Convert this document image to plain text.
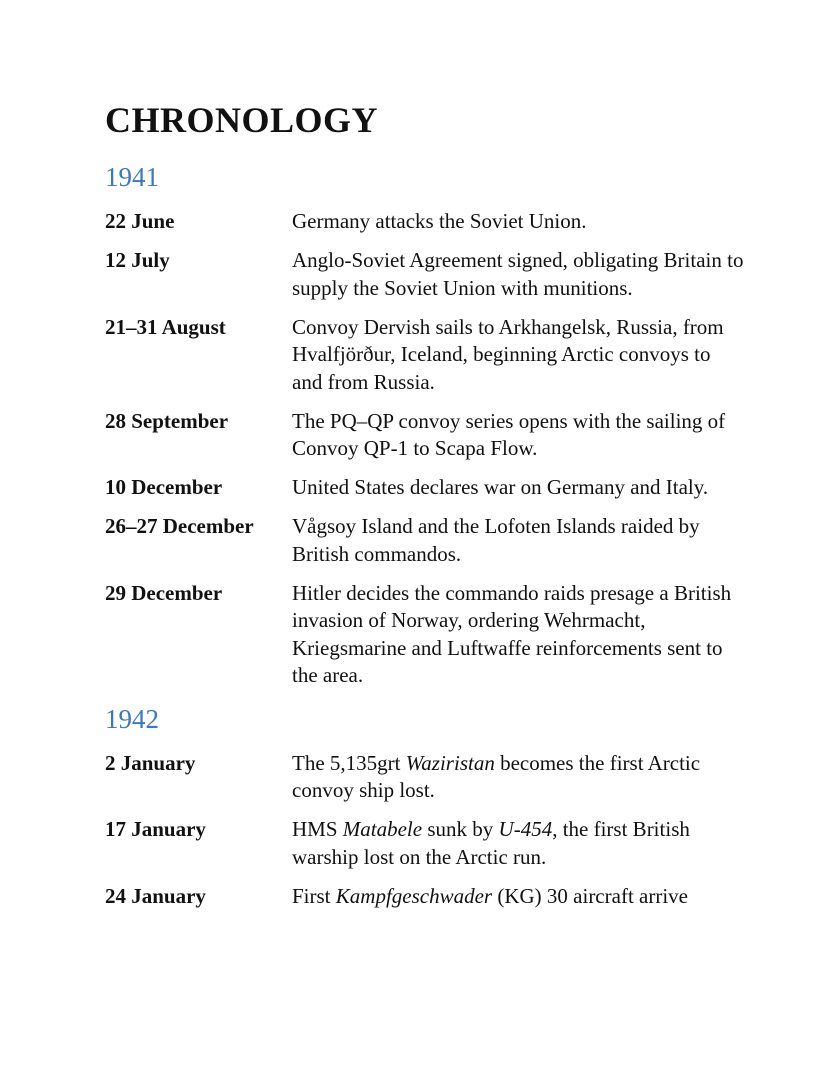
CHRONOLOGY
1941
22 June	Germany attacks the Soviet Union.
12 July	Anglo-Soviet Agreement signed, obligating Britain to supply the Soviet Union with munitions.
21–31 August	Convoy Dervish sails to Arkhangelsk, Russia, from Hvalfjörður, Iceland, beginning Arctic convoys to and from Russia.
28 September	The PQ–QP convoy series opens with the sailing of Convoy QP-1 to Scapa Flow.
10 December	United States declares war on Germany and Italy.
26–27 December	Vågsoy Island and the Lofoten Islands raided by British commandos.
29 December	Hitler decides the commando raids presage a British invasion of Norway, ordering Wehrmacht, Kriegsmarine and Luftwaffe reinforcements sent to the area.
1942
2 January	The 5,135grt Waziristan becomes the first Arctic convoy ship lost.
17 January	HMS Matabele sunk by U-454, the first British warship lost on the Arctic run.
24 January	First Kampfgeschwader (KG) 30 aircraft arrive
